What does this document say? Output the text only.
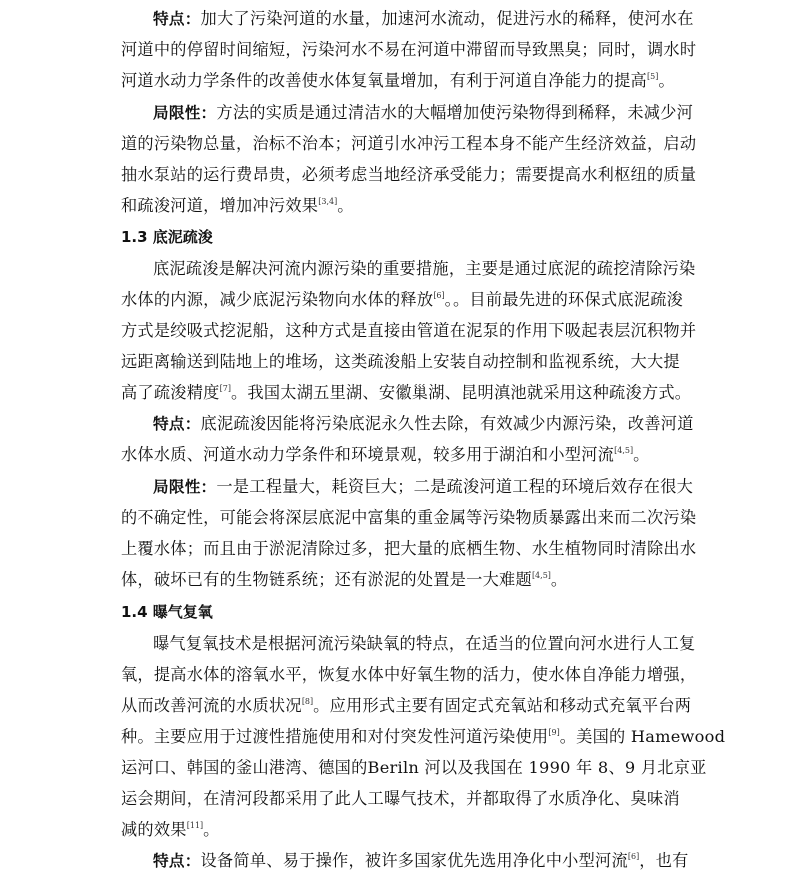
特点：加大了污染河道的水量，加速河水流动，促进污水的稀释，使河水在
河道中的停留时间缩短，污染河水不易在河道中滞留而导致黑臭；同时，调水时
河道水动力学条件的改善使水体复氧量增加，有利于河道自净能力的提高[5]。
局限性：方法的实质是通过清洁水的大幅增加使污染物得到稀释，未减少河
道的污染物总量，治标不治本；河道引水冲污工程本身不能产生经济效益，启动
抽水泵站的运行费昂贵，必须考虑当地经济承受能力；需要提高水利枢纽的质量
和疏浚河道，增加冲污效果[3,4]。
1.3 底泥疏浚
底泥疏浚是解决河流内源污染的重要措施，主要是通过底泥的疏挖清除污染
水体的内源，减少底泥污染物向水体的释放[6]。。目前最先进的环保式底泥疏浚
方式是绞吸式挖泥船，这种方式是直接由管道在泥泵的作用下吸起表层沉积物并
远距离输送到陆地上的堆场，这类疏浚船上安装自动控制和监视系统，大大提
高了疏浚精度[7]。我国太湖五里湖、安徽巢湖、昆明滇池就采用这种疏浚方式。
特点：底泥疏浚因能将污染底泥永久性去除，有效减少内源污染，改善河道
水体水质、河道水动力学条件和环境景观，较多用于湖泊和小型河流[4,5]。
局限性：一是工程量大，耗资巨大；二是疏浚河道工程的环境后效存在很大
的不确定性，可能会将深层底泥中富集的重金属等污染物质暴露出来而二次污染
上覆水体；而且由于淤泥清除过多，把大量的底栖生物、水生植物同时清除出水
体，破坏已有的生物链系统；还有淤泥的处置是一大难题[4,5]。
1.4 曝气复氧
曝气复氧技术是根据河流污染缺氧的特点，在适当的位置向河水进行人工复
氧，提高水体的溶氧水平，恢复水体中好氧生物的活力，使水体自净能力增强，
从而改善河流的水质状况[8]。应用形式主要有固定式充氧站和移动式充氧平台两
种。主要应用于过渡性措施使用和对付突发性河道污染使用[9]。美国的 Hamewood
运河口、韩国的釜山港湾、德国的Beriln 河以及我国在 1990 年 8、9 月北京亚
运会期间，在清河段都采用了此人工曝气技术，并都取得了水质净化、臭味消
减的效果[11]。
特点：设备简单、易于操作，被许多国家优先选用净化中小型河流[6]，也有
